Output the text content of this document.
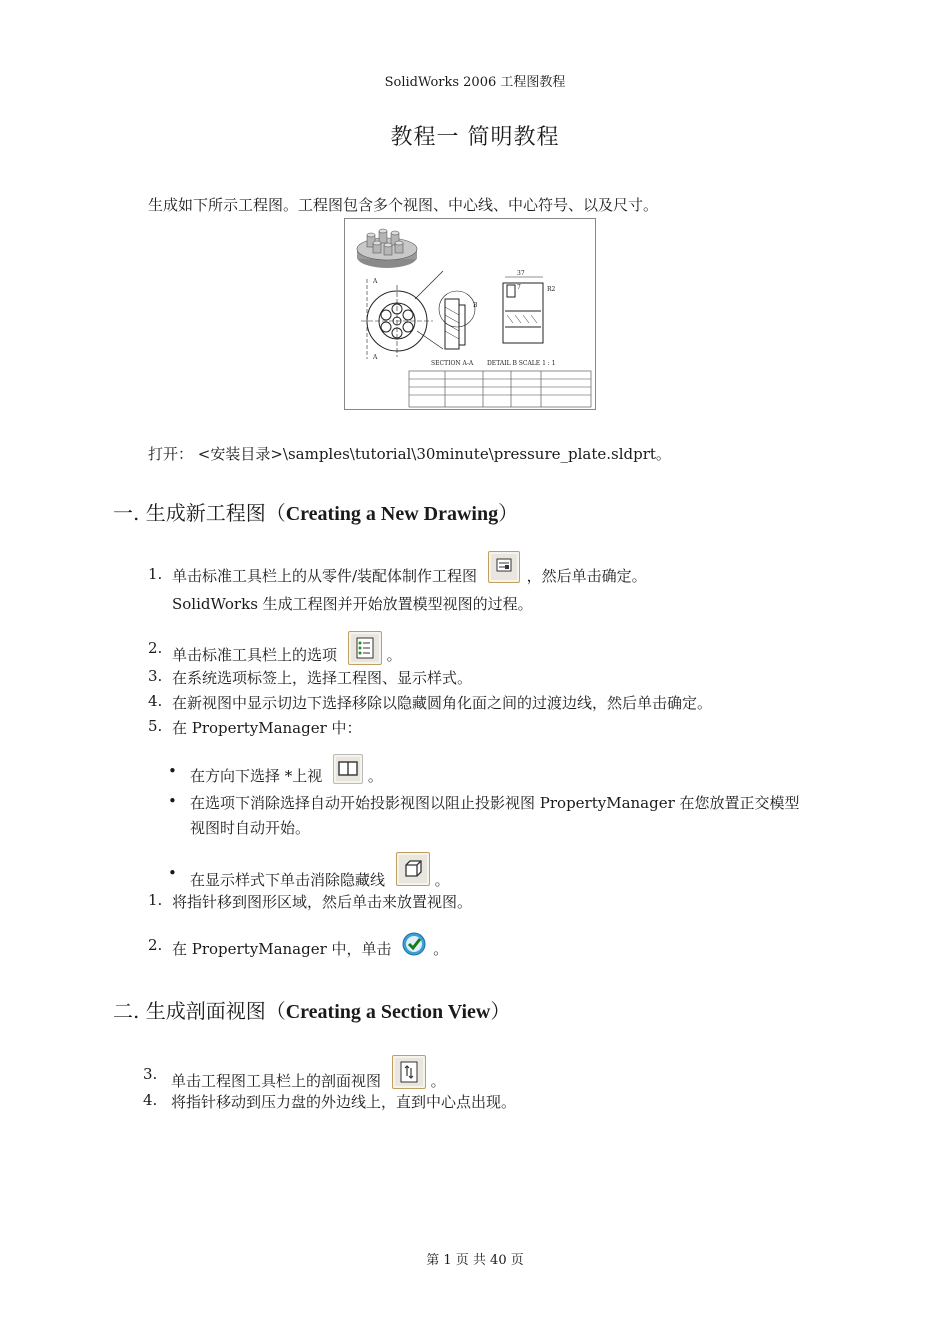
SolidWorks 2006 工程图教程
教程一 简明教程
生成如下所示工程图。工程图包含多个视图、中心线、中心符号、以及尺寸。
A
A
B
37
7	R2
SECTION A-A DETAIL B SCALE 1 : 1
打开： <安装目录>\samples\tutorial\30minute\pressure_plate.sldprt。
一. 生成新工程图（Creating a New Drawing）
1. 单击标准工具栏上的从零件/装配体制作工程图	，然后单击确定。
SolidWorks 生成工程图并开始放置模型视图的过程。
2. 单击标准工具栏上的选项	。
3. 在系统选项标签上，选择工程图、显示样式。
4. 在新视图中显示切边下选择移除以隐藏圆角化面之间的过渡边线，然后单击确定。
5. 在 PropertyManager 中：
• 在方向下选择 *上视	。
• 在选项下消除选择自动开始投影视图以阻止投影视图 PropertyManager 在您放置正交模型
视图时自动开始。
• 在显示样式下单击消除隐藏线	。
1. 将指针移到图形区域，然后单击来放置视图。
2. 在 PropertyManager 中，单击	。
二. 生成剖面视图（Creating a Section View）
3. 单击工程图工具栏上的剖面视图	。
4. 将指针移动到压力盘的外边线上，直到中心点出现。
第 1 页 共 40 页
